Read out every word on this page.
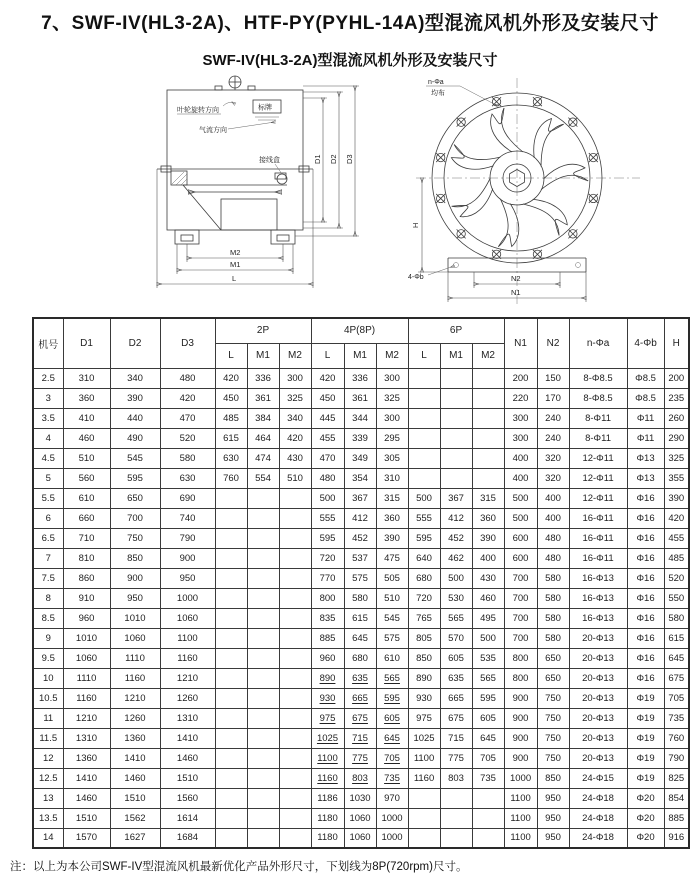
7、SWF-IV(HL3-2A)、HTF-PY(PYHL-14A)型混流风机外形及安装尺寸
SWF-IV(HL3-2A)型混流风机外形及安装尺寸
叶轮旋转方向	标牌
气流方向
接线盒
M2
M1
L
D1 D2 D3
n-Φa
均布
4-Φb
H
N2
N1
机号	D1	D2	D3	2P			4P(8P)			6P			N1	N2	n-Φa	4-Φb	H
				L	M1	M2	L	M1	M2	L	M1	M2					
2.5	310	340	480	420	336	300	420	336	300				200	150	8-Φ8.5	Φ8.5	200
3	360	390	420	450	361	325	450	361	325				220	170	8-Φ8.5	Φ8.5	235
3.5	410	440	470	485	384	340	445	344	300				300	240	8-Φ11	Φ11	260
4	460	490	520	615	464	420	455	339	295				300	240	8-Φ11	Φ11	290
4.5	510	545	580	630	474	430	470	349	305				400	320	12-Φ11	Φ13	325
5	560	595	630	760	554	510	480	354	310				400	320	12-Φ11	Φ13	355
5.5	610	650	690				500	367	315	500	367	315	500	400	12-Φ11	Φ16	390
6	660	700	740				555	412	360	555	412	360	500	400	16-Φ11	Φ16	420
6.5	710	750	790				595	452	390	595	452	390	600	480	16-Φ11	Φ16	455
7	810	850	900				720	537	475	640	462	400	600	480	16-Φ11	Φ16	485
7.5	860	900	950				770	575	505	680	500	430	700	580	16-Φ13	Φ16	520
8	910	950	1000				800	580	510	720	530	460	700	580	16-Φ13	Φ16	550
8.5	960	1010	1060				835	615	545	765	565	495	700	580	16-Φ13	Φ16	580
9	1010	1060	1100				885	645	575	805	570	500	700	580	20-Φ13	Φ16	615
9.5	1060	1110	1160				960	680	610	850	605	535	800	650	20-Φ13	Φ16	645
10	1110	1160	1210				890	635	565	890	635	565	800	650	20-Φ13	Φ16	675
10.5	1160	1210	1260				930	665	595	930	665	595	900	750	20-Φ13	Φ19	705
11	1210	1260	1310				975	675	605	975	675	605	900	750	20-Φ13	Φ19	735
11.5	1310	1360	1410				1025	715	645	1025	715	645	900	750	20-Φ13	Φ19	760
12	1360	1410	1460				1100	775	705	1100	775	705	900	750	20-Φ13	Φ19	790
12.5	1410	1460	1510				1160	803	735	1160	803	735	1000	850	24-Φ15	Φ19	825
13	1460	1510	1560				1186	1030	970				1100	950	24-Φ18	Φ20	854
13.5	1510	1562	1614				1180	1060	1000				1100	950	24-Φ18	Φ20	885
14	1570	1627	1684				1180	1060	1000				1100	950	24-Φ18	Φ20	916
注：以上为本公司SWF-IV型混流风机最新优化产品外形尺寸，下划线为8P(720rpm)尺寸。
